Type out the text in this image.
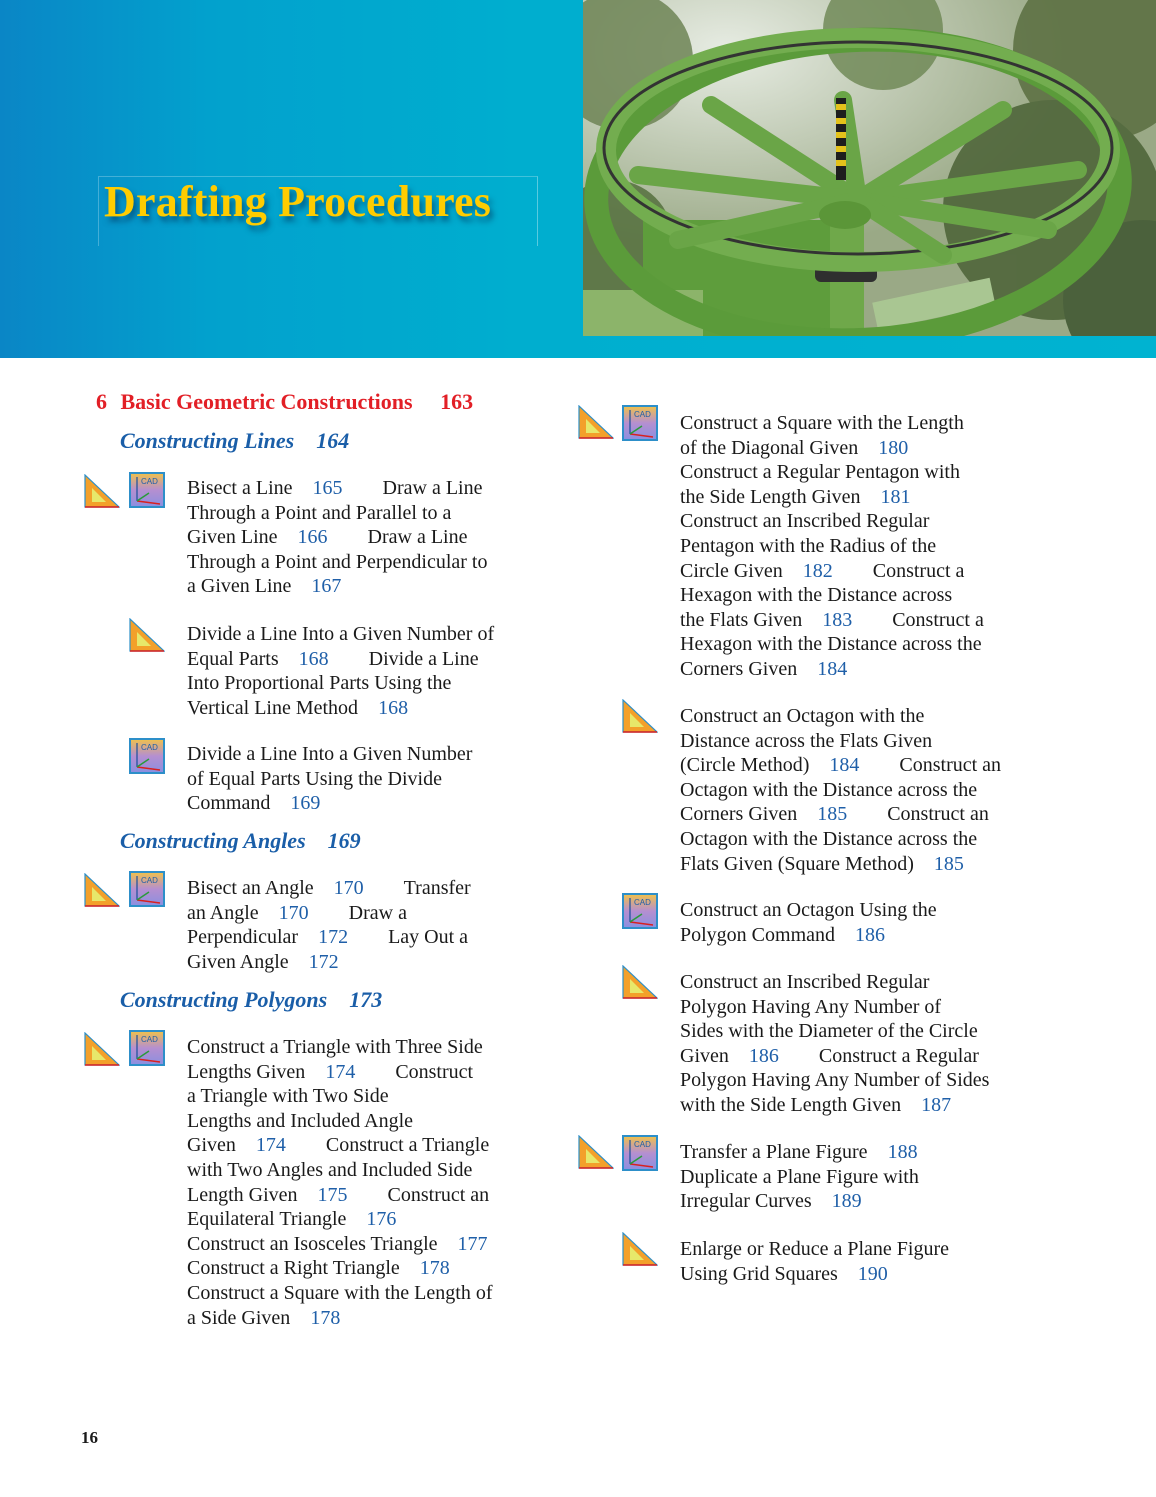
Drafting Procedures
6 Basic Geometric Constructions 163
Constructing Lines 164
CAD Bisect a Line 165 Draw a Line
Through a Point and Parallel to a
Given Line 166 Draw a Line
Through a Point and Perpendicular to
a Given Line 167
Divide a Line Into a Given Number of
Equal Parts 168 Divide a Line
Into Proportional Parts Using the
Vertical Line Method 168
CAD Divide a Line Into a Given Number
of Equal Parts Using the Divide
Command 169
Constructing Angles 169
CAD Bisect an Angle 170 Transfer
an Angle 170 Draw a
Perpendicular 172 Lay Out a
Given Angle 172
Constructing Polygons 173
CAD Construct a Triangle with Three Side
Lengths Given 174 Construct
a Triangle with Two Side
Lengths and Included Angle
Given 174 Construct a Triangle
with Two Angles and Included Side
Length Given 175 Construct an
Equilateral Triangle 176
Construct an Isosceles Triangle 177
Construct a Right Triangle 178
Construct a Square with the Length of
a Side Given 178
CAD Construct a Square with the Length
of the Diagonal Given 180
Construct a Regular Pentagon with
the Side Length Given 181
Construct an Inscribed Regular
Pentagon with the Radius of the
Circle Given 182 Construct a
Hexagon with the Distance across
the Flats Given 183 Construct a
Hexagon with the Distance across the
Corners Given 184
Construct an Octagon with the
Distance across the Flats Given
(Circle Method) 184 Construct an
Octagon with the Distance across the
Corners Given 185 Construct an
Octagon with the Distance across the
Flats Given (Square Method) 185
CAD Construct an Octagon Using the
Polygon Command 186
Construct an Inscribed Regular
Polygon Having Any Number of
Sides with the Diameter of the Circle
Given 186 Construct a Regular
Polygon Having Any Number of Sides
with the Side Length Given 187
CAD Transfer a Plane Figure 188
Duplicate a Plane Figure with
Irregular Curves 189
Enlarge or Reduce a Plane Figure
Using Grid Squares 190
16
